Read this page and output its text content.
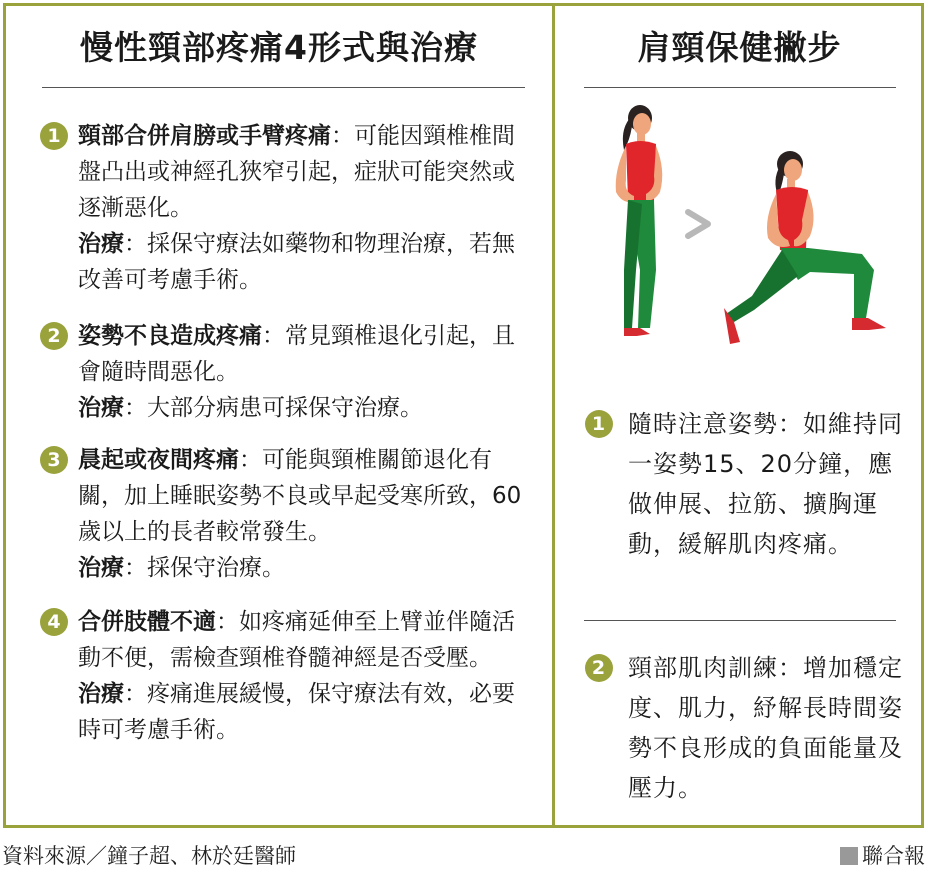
慢性頸部疼痛4形式與治療
1 頸部合併肩膀或手臂疼痛：可能因頸椎椎間盤凸出或神經孔狹窄引起，症狀可能突然或逐漸惡化。

治療：採保守療法如藥物和物理治療，若無改善可考慮手術。

2 姿勢不良造成疼痛：常見頸椎退化引起，且會隨時間惡化。

治療：大部分病患可採保守治療。

3 晨起或夜間疼痛：可能與頸椎關節退化有關，加上睡眠姿勢不良或早起受寒所致，60歲以上的長者較常發生。

治療：採保守治療。

4 合併肢體不適：如疼痛延伸至上臂並伴隨活動不便，需檢查頸椎脊髓神經是否受壓。

治療：疼痛進展緩慢，保守療法有效，必要時可考慮手術。

肩頸保健撇步
1 隨時注意姿勢：如維持同一姿勢15、20分鐘，應做伸展、拉筋、擴胸運動，緩解肌肉疼痛。
2 頸部肌肉訓練：增加穩定度、肌力，紓解長時間姿勢不良形成的負面能量及壓力。
資料來源／鐘子超、林於廷醫師	聯合報
